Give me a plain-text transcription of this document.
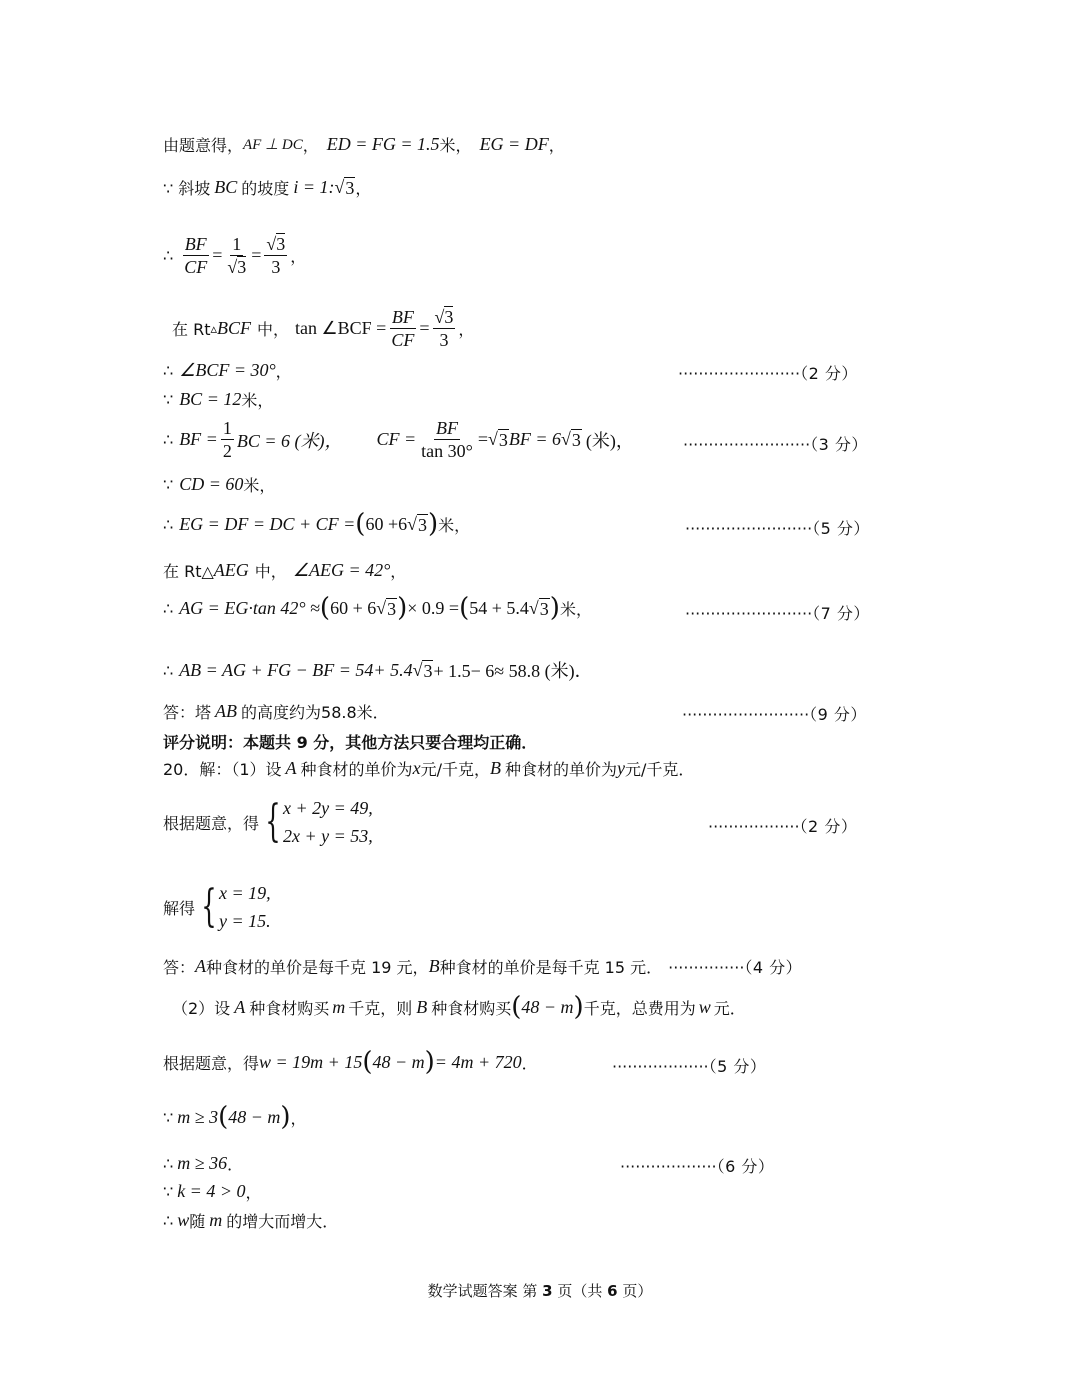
由题意得， AF ⊥ DC ， ED = FG = 1.5 米， EG = DF ，
∵ 斜坡 BC 的坡度 i = 1: √ 3 ，
∴ $\frac{BF}{CF} = \frac{1}{√3} = \frac{√3}{3}$ ，
在 Rt ▵ BCF 中， tan ∠BCF = $\frac{BF}{CF} = \frac{√3}{3}$ ，
∴ ∠BCF = 30° ，	························（2 分）
∵ BC = 12 米，
∴ BF = $\frac{1}{2}$ BC = 6 (米)， CF = $\frac{BF}{\tan 30^\circ}$ = √ 3 BF = 6 √ 3 (米)，	·························（3 分）
∵ CD = 60 米，
∴ EG = DF = DC + CF = ( 60 +6 √ 3 ) 米，	·························（5 分）
在 Rt△ AEG 中， ∠AEG = 42° ，
∴ AG = EG·tan 42° ≈ ( 60 + 6 √ 3 ) × 0.9 = ( 54 + 5.4 √ 3 ) 米，	·························（7 分）
∴ AB = AG + FG − BF = 54+ 5.4 √ 3 + 1.5− 6≈ 58.8 (米)．
答：塔 AB 的高度约为58.8米．	·························（9 分）
评分说明：本题共 9 分，其他方法只要合理均正确．
20．解：（1）设 A 种食材的单价为 x 元/千克， B 种食材的单价为 y 元/千克．
根据题意，得 { x + 2y = 49,
2x + y = 53,	··················（2 分）
解得 { x = 19,
y = 15.
答： A 种食材的单价是每千克 19 元， B 种食材的单价是每千克 15 元． ···············（4 分）
（2）设 A 种食材购买 m 千克，则 B 种食材购买 ( 48 − m ) 千克，总费用为 w 元．
根据题意，得 w = 19m + 15 ( 48 − m ) = 4m + 720 ．	···················（5 分）
∵ m ≥ 3 ( 48 − m ) ，
∴ m ≥ 36 ．	···················（6 分）
∵ k = 4 > 0 ，
∴ w 随 m 的增大而增大．
数学试题答案 第 3 页（共 6 页）
